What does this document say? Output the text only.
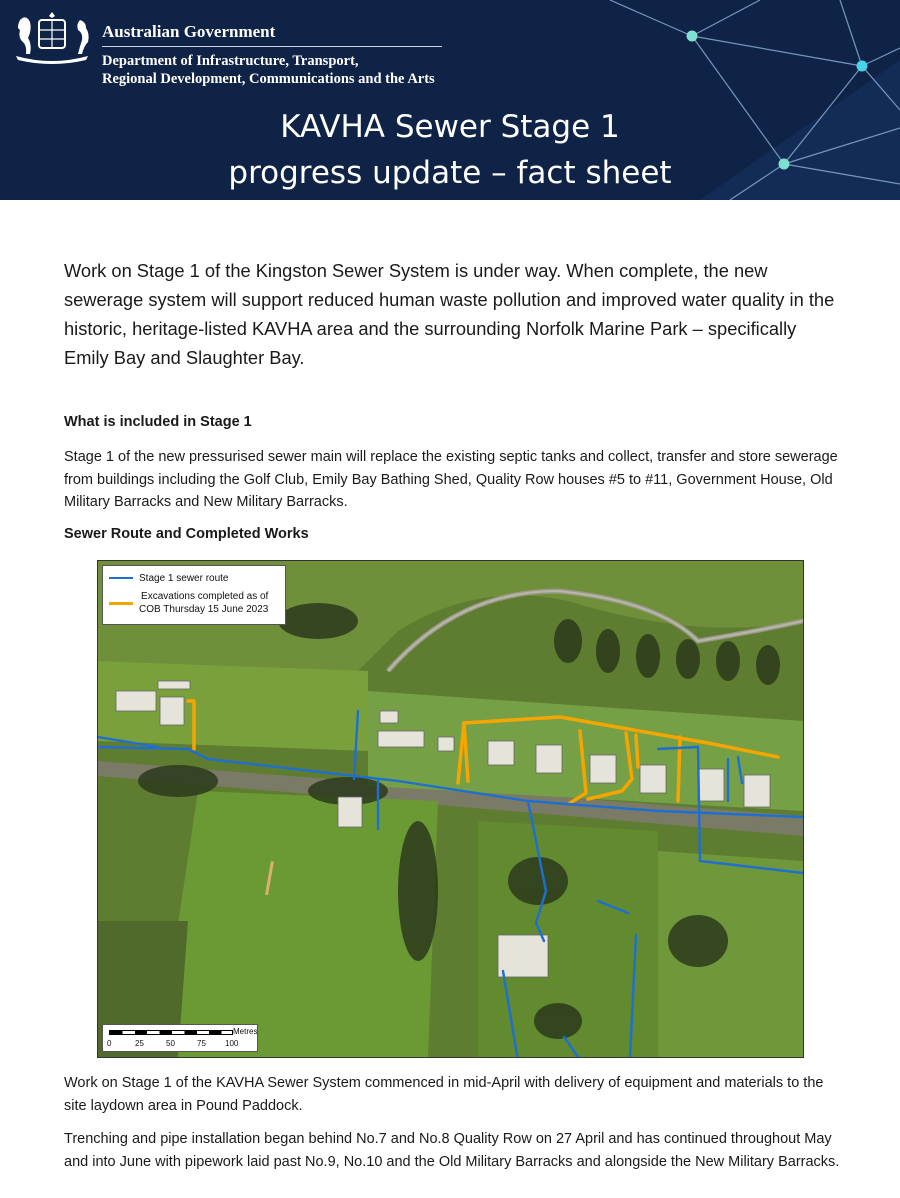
Australian Government
Department of Infrastructure, Transport,
Regional Development, Communications and the Arts
KAVHA Sewer Stage 1
progress update – fact sheet

Work on Stage 1 of the Kingston Sewer System is under way. When complete, the new sewerage system will support reduced human waste pollution and improved water quality in the historic, heritage-listed KAVHA area and the surrounding Norfolk Marine Park – specifically Emily Bay and Slaughter Bay.

What is included in Stage 1

Stage 1 of the new pressurised sewer main will replace the existing septic tanks and collect, transfer and store sewerage from buildings including the Golf Club, Emily Bay Bathing Shed, Quality Row houses #5 to #11, Government House, Old Military Barracks and New Military Barracks.

Sewer Route and Completed Works
Stage 1 sewer route
Excavations completed as of
COB Thursday 15 June 2023
Metres
0	25	50	75 100

Work on Stage 1 of the KAVHA Sewer System commenced in mid-April with delivery of equipment and materials to the site laydown area in Pound Paddock.

Trenching and pipe installation began behind No.7 and No.8 Quality Row on 27 April and has continued throughout May and into June with pipework laid past No.9, No.10 and the Old Military Barracks and alongside the New Military Barracks.
